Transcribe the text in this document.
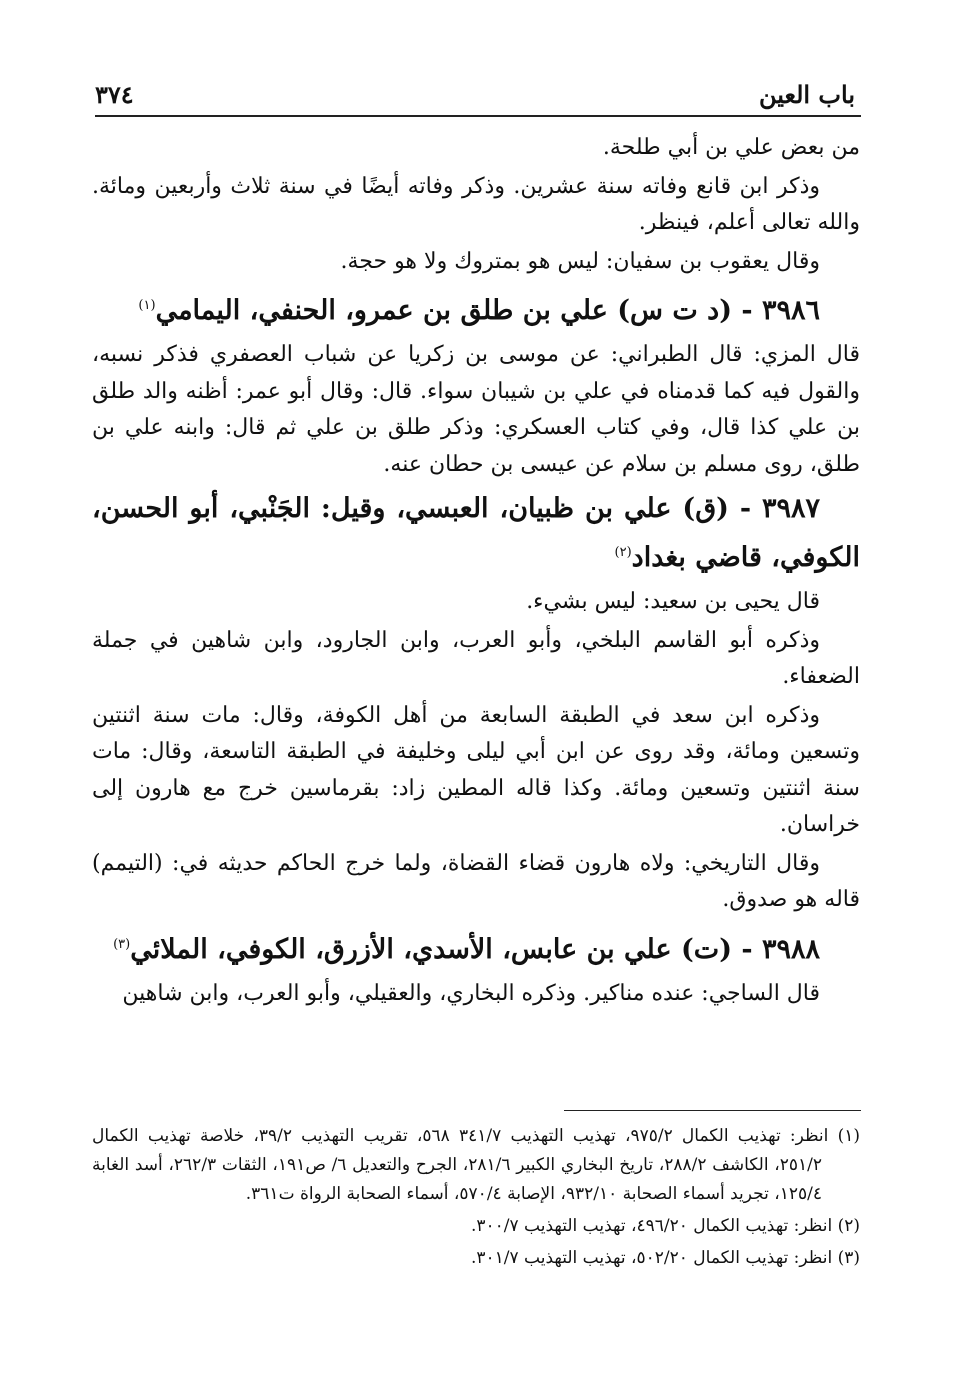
باب العين
٣٧٤

من بعض علي بن أبي طلحة.

وذكر ابن قانع وفاته سنة عشرين. وذكر وفاته أيضًا في سنة ثلاث وأربعين ومائة. والله تعالى أعلم، فينظر.

وقال يعقوب بن سفيان: ليس هو بمتروك ولا هو حجة.

٣٩٨٦ - (د ت س) علي بن طلق بن عمرو، الحنفي، اليمامي$^{(١)}$

قال المزي: قال الطبراني: عن موسى بن زكريا عن شباب العصفري فذكر نسبه، والقول فيه كما قدمناه في علي بن شيبان سواء. قال: وقال أبو عمر: أظنه والد طلق بن علي كذا قال، وفي كتاب العسكري: وذكر طلق بن علي ثم قال: وابنه علي بن طلق، روى مسلم بن سلام عن عيسى بن حطان عنه.

٣٩٨٧ - (ق) علي بن ظبيان، العبسي، وقيل: الجَنْبي، أبو الحسن، الكوفي، قاضي بغداد$^{(٢)}$

قال يحيى بن سعيد: ليس بشيء.

وذكره أبو القاسم البلخي، وأبو العرب، وابن الجارود، وابن شاهين في جملة الضعفاء.

وذكره ابن سعد في الطبقة السابعة من أهل الكوفة، وقال: مات سنة اثنتين وتسعين ومائة، وقد روى عن ابن أبي ليلى وخليفة في الطبقة التاسعة، وقال: مات سنة اثنتين وتسعين ومائة. وكذا قاله المطين زاد: بقرماسين خرج مع هارون إلى خراسان.

وقال التاريخي: ولاه هارون قضاء القضاة، ولما خرج الحاكم حديثه في: (التيمم) قاله هو صدوق.

٣٩٨٨ - (ت) علي بن عابس، الأسدي، الأزرق، الكوفي، الملائي$^{(٣)}$

قال الساجي: عنده مناكير. وذكره البخاري، والعقيلي، وأبو العرب، وابن شاهين

(١) انظر: تهذيب الكمال ٩٧٥/٢، تهذيب التهذيب ٣٤١/٧ ٥٦٨، تقريب التهذيب ٣٩/٢، خلاصة تهذيب الكمال ٢٥١/٢، الكاشف ٢٨٨/٢، تاريخ البخاري الكبير ٢٨١/٦، الجرح والتعديل ٦/ ص١٩١، الثقات ٢٦٢/٣، أسد الغابة ١٢٥/٤، تجريد أسماء الصحابة ٩٣٢/١٠، الإصابة ٥٧٠/٤، أسماء الصحابة الرواة ت٣٦١.

(٢) انظر: تهذيب الكمال ٤٩٦/٢٠، تهذيب التهذيب ٣٠٠/٧.

(٣) انظر: تهذيب الكمال ٥٠٢/٢٠، تهذيب التهذيب ٣٠١/٧.
